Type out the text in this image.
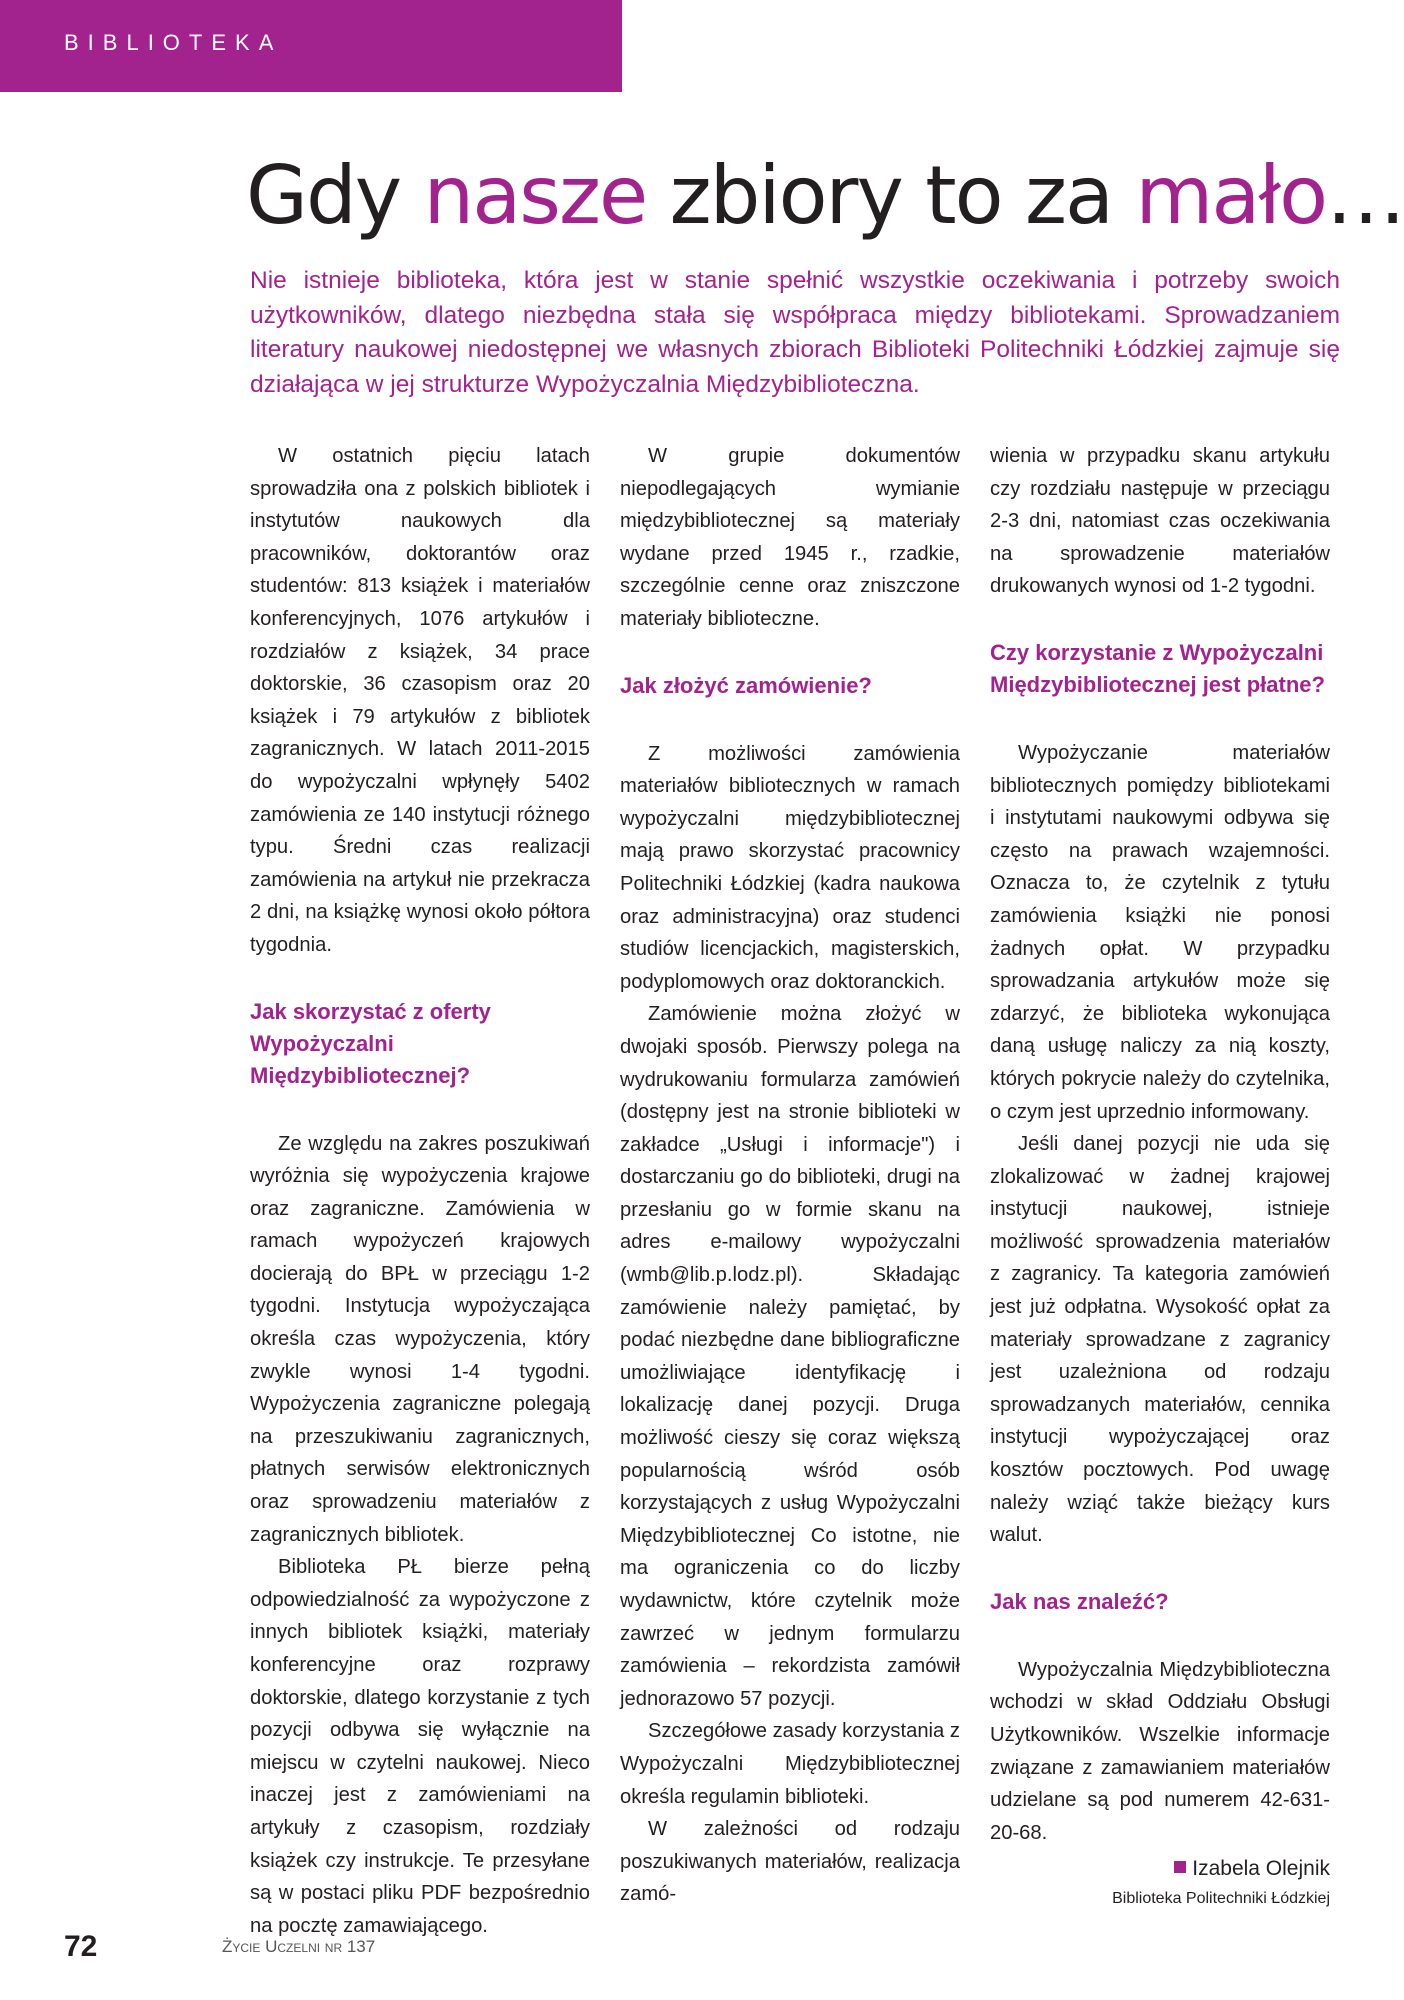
BIBLIOTEKA
Gdy nasze zbiory to za mało…

Nie istnieje biblioteka, która jest w stanie spełnić wszystkie oczekiwania i potrzeby swoich użytkowników, dlatego niezbędna stała się współpraca między bibliotekami. Sprowadzaniem literatury naukowej niedostępnej we własnych zbiorach Biblioteki Politechniki Łódzkiej zajmuje się działająca w jej strukturze Wypożyczalnia Międzybiblioteczna.

W ostatnich pięciu latach sprowadziła ona z polskich bibliotek i instytutów naukowych dla pracowników, doktorantów oraz studentów: 813 książek i materiałów konferencyjnych, 1076 artykułów i rozdziałów z książek, 34 prace doktorskie, 36 czasopism oraz 20 książek i 79 artykułów z bibliotek zagranicznych. W latach 2011-2015 do wypożyczalni wpłynęły 5402 zamówienia ze 140 instytucji różnego typu. Średni czas realizacji zamówienia na artykuł nie przekracza 2 dni, na książkę wynosi około półtora tygodnia.

Jak skorzystać z oferty Wypożyczalni Międzybibliotecznej?

Ze względu na zakres poszukiwań wyróżnia się wypożyczenia krajowe oraz zagraniczne. Zamówienia w ramach wypożyczeń krajowych docierają do BPŁ w przeciągu 1-2 tygodni. Instytucja wypożyczająca określa czas wypożyczenia, który zwykle wynosi 1-4 tygodni. Wypożyczenia zagraniczne polegają na przeszukiwaniu zagranicznych, płatnych serwisów elektronicznych oraz sprowadzeniu materiałów z zagranicznych bibliotek.

Biblioteka PŁ bierze pełną odpowiedzialność za wypożyczone z innych bibliotek książki, materiały konferencyjne oraz rozprawy doktorskie, dlatego korzystanie z tych pozycji odbywa się wyłącznie na miejscu w czytelni naukowej. Nieco inaczej jest z zamówieniami na artykuły z czasopism, rozdziały książek czy instrukcje. Te przesyłane są w postaci pliku PDF bezpośrednio na pocztę zamawiającego.

W grupie dokumentów niepodlegających wymianie międzybibliotecznej są materiały wydane przed 1945 r., rzadkie, szczególnie cenne oraz zniszczone materiały biblioteczne.

Jak złożyć zamówienie?

Z możliwości zamówienia materiałów bibliotecznych w ramach wypożyczalni międzybibliotecznej mają prawo skorzystać pracownicy Politechniki Łódzkiej (kadra naukowa oraz administracyjna) oraz studenci studiów licencjackich, magisterskich, podyplomowych oraz doktoranckich.

Zamówienie można złożyć w dwojaki sposób. Pierwszy polega na wydrukowaniu formularza zamówień (dostępny jest na stronie biblioteki w zakładce „Usługi i informacje") i dostarczaniu go do biblioteki, drugi na przesłaniu go w formie skanu na adres e-mailowy wypożyczalni (wmb@lib.p.lodz.pl). Składając zamówienie należy pamiętać, by podać niezbędne dane bibliograficzne umożliwiające identyfikację i lokalizację danej pozycji. Druga możliwość cieszy się coraz większą popularnością wśród osób korzystających z usług Wypożyczalni Międzybibliotecznej Co istotne, nie ma ograniczenia co do liczby wydawnictw, które czytelnik może zawrzeć w jednym formularzu zamówienia – rekordzista zamówił jednorazowo 57 pozycji.

Szczegółowe zasady korzystania z Wypożyczalni Międzybibliotecznej określa regulamin biblioteki.

W zależności od rodzaju poszukiwanych materiałów, realizacja zamó-

wienia w przypadku skanu artykułu czy rozdziału następuje w przeciągu 2-3 dni, natomiast czas oczekiwania na sprowadzenie materiałów drukowanych wynosi od 1-2 tygodni.

Czy korzystanie z Wypożyczalni Międzybibliotecznej jest płatne?

Wypożyczanie materiałów bibliotecznych pomiędzy bibliotekami i instytutami naukowymi odbywa się często na prawach wzajemności. Oznacza to, że czytelnik z tytułu zamówienia książki nie ponosi żadnych opłat. W przypadku sprowadzania artykułów może się zdarzyć, że biblioteka wykonująca daną usługę naliczy za nią koszty, których pokrycie należy do czytelnika, o czym jest uprzednio informowany.

Jeśli danej pozycji nie uda się zlokalizować w żadnej krajowej instytucji naukowej, istnieje możliwość sprowadzenia materiałów z zagranicy. Ta kategoria zamówień jest już odpłatna. Wysokość opłat za materiały sprowadzane z zagranicy jest uzależniona od rodzaju sprowadzanych materiałów, cennika instytucji wypożyczającej oraz kosztów pocztowych. Pod uwagę należy wziąć także bieżący kurs walut.

Jak nas znaleźć?

Wypożyczalnia Międzybiblioteczna wchodzi w skład Oddziału Obsługi Użytkowników. Wszelkie informacje związane z zamawianiem materiałów udzielane są pod numerem 42-631-20-68.

Izabela Olejnik
Biblioteka Politechniki Łódzkiej
72	Życie Uczelni nr 137
